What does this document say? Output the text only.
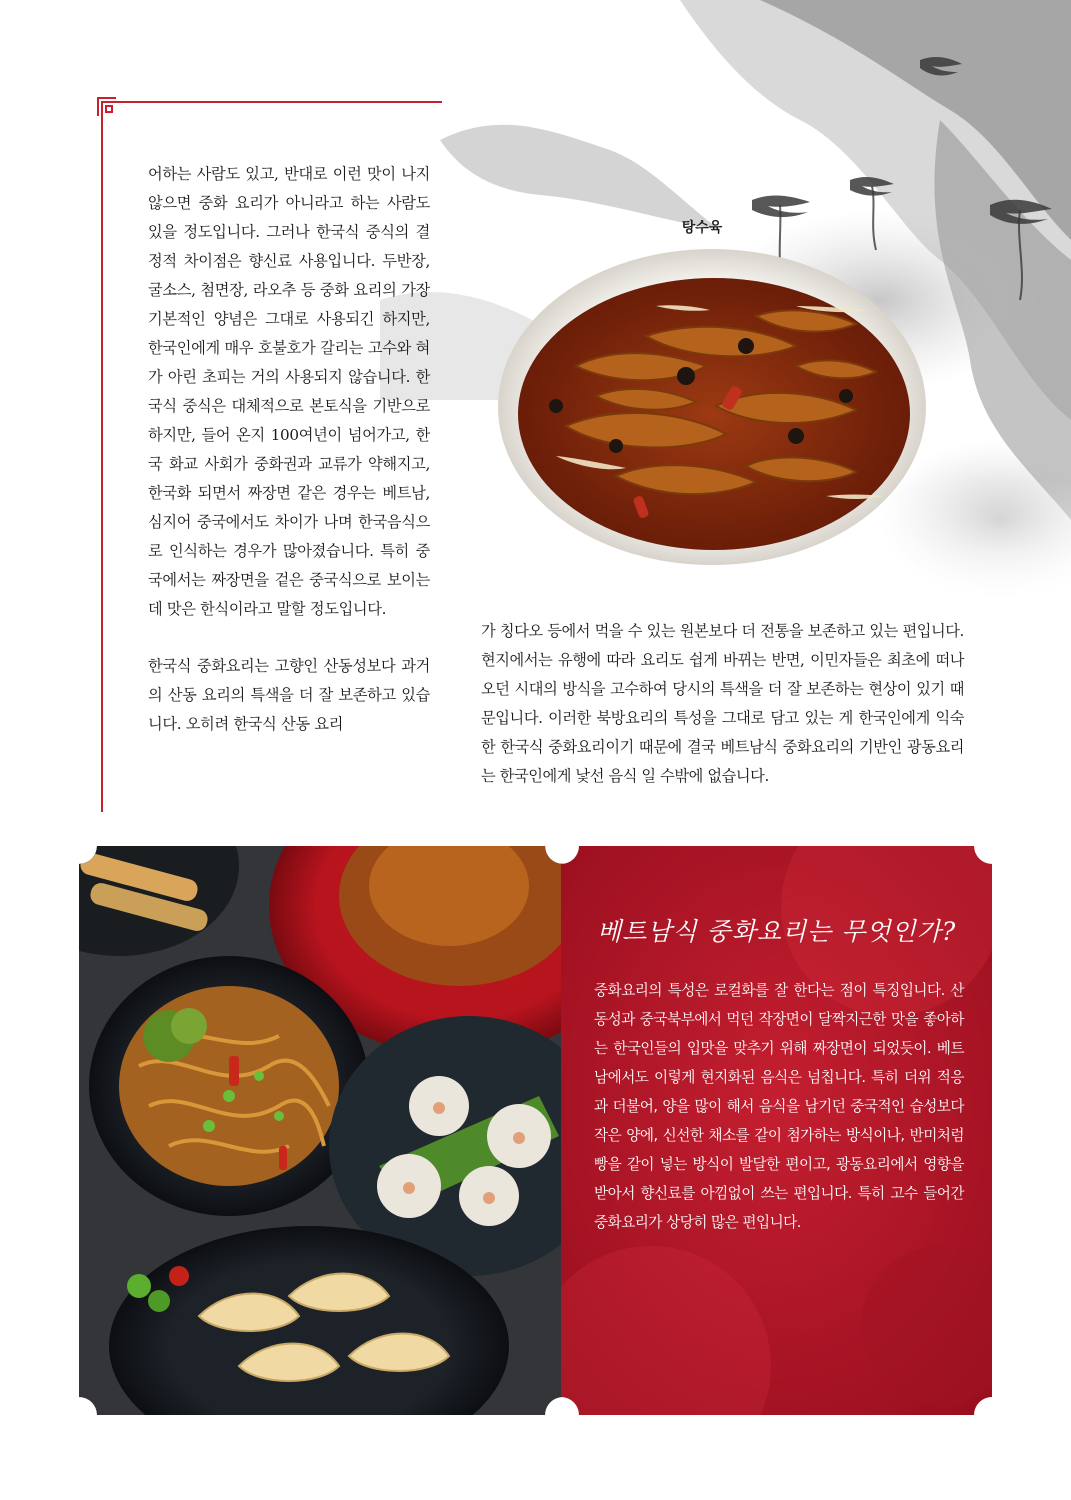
어하는 사람도 있고, 반대로 이런 맛이 나지 않으면 중화 요리가 아니라고 하는 사람도 있을 정도입니다. 그러나 한국식 중식의 결정적 차이점은 향신료 사용입니다. 두반장, 굴소스, 첨면장, 라오추 등 중화 요리의 가장 기본적인 양념은 그대로 사용되긴 하지만, 한국인에게 매우 호불호가 갈리는 고수와 혀가 아린 초피는 거의 사용되지 않습니다. 한국식 중식은 대체적으로 본토식을 기반으로 하지만, 들어 온지 100여년이 넘어가고, 한국 화교 사회가 중화권과 교류가 약해지고, 한국화 되면서 짜장면 같은 경우는 베트남, 심지어 중국에서도 차이가 나며 한국음식으로 인식하는 경우가 많아졌습니다. 특히 중국에서는 짜장면을 겉은 중국식으로 보이는데 맛은 한식이라고 말할 정도입니다.

한국식 중화요리는 고향인 산동성보다 과거의 산동 요리의 특색을 더 잘 보존하고 있습니다. 오히려 한국식 산동 요리

탕수육

가 칭다오 등에서 먹을 수 있는 원본보다 더 전통을 보존하고 있는 편입니다. 현지에서는 유행에 따라 요리도 쉽게 바뀌는 반면, 이민자들은 최초에 떠나오던 시대의 방식을 고수하여 당시의 특색을 더 잘 보존하는 현상이 있기 때문입니다. 이러한 북방요리의 특성을 그대로 담고 있는 게 한국인에게 익숙한 한국식 중화요리이기 때문에 결국 베트남식 중화요리의 기반인 광동요리는 한국인에게 낯선 음식 일 수밖에 없습니다.

베트남식 중화요리는 무엇인가?

중화요리의 특성은 로컬화를 잘 한다는 점이 특징입니다. 산동성과 중국북부에서 먹던 작장면이 달짝지근한 맛을 좋아하는 한국인들의 입맛을 맞추기 위해 짜장면이 되었듯이. 베트남에서도 이렇게 현지화된 음식은 넘칩니다. 특히 더위 적응과 더불어, 양을 많이 해서 음식을 남기던 중국적인 습성보다 작은 양에, 신선한 채소를 같이 첨가하는 방식이나, 반미처럼 빵을 같이 넣는 방식이 발달한 편이고, 광동요리에서 영향을 받아서 향신료를 아낌없이 쓰는 편입니다. 특히 고수 들어간 중화요리가 상당히 많은 편입니다.
